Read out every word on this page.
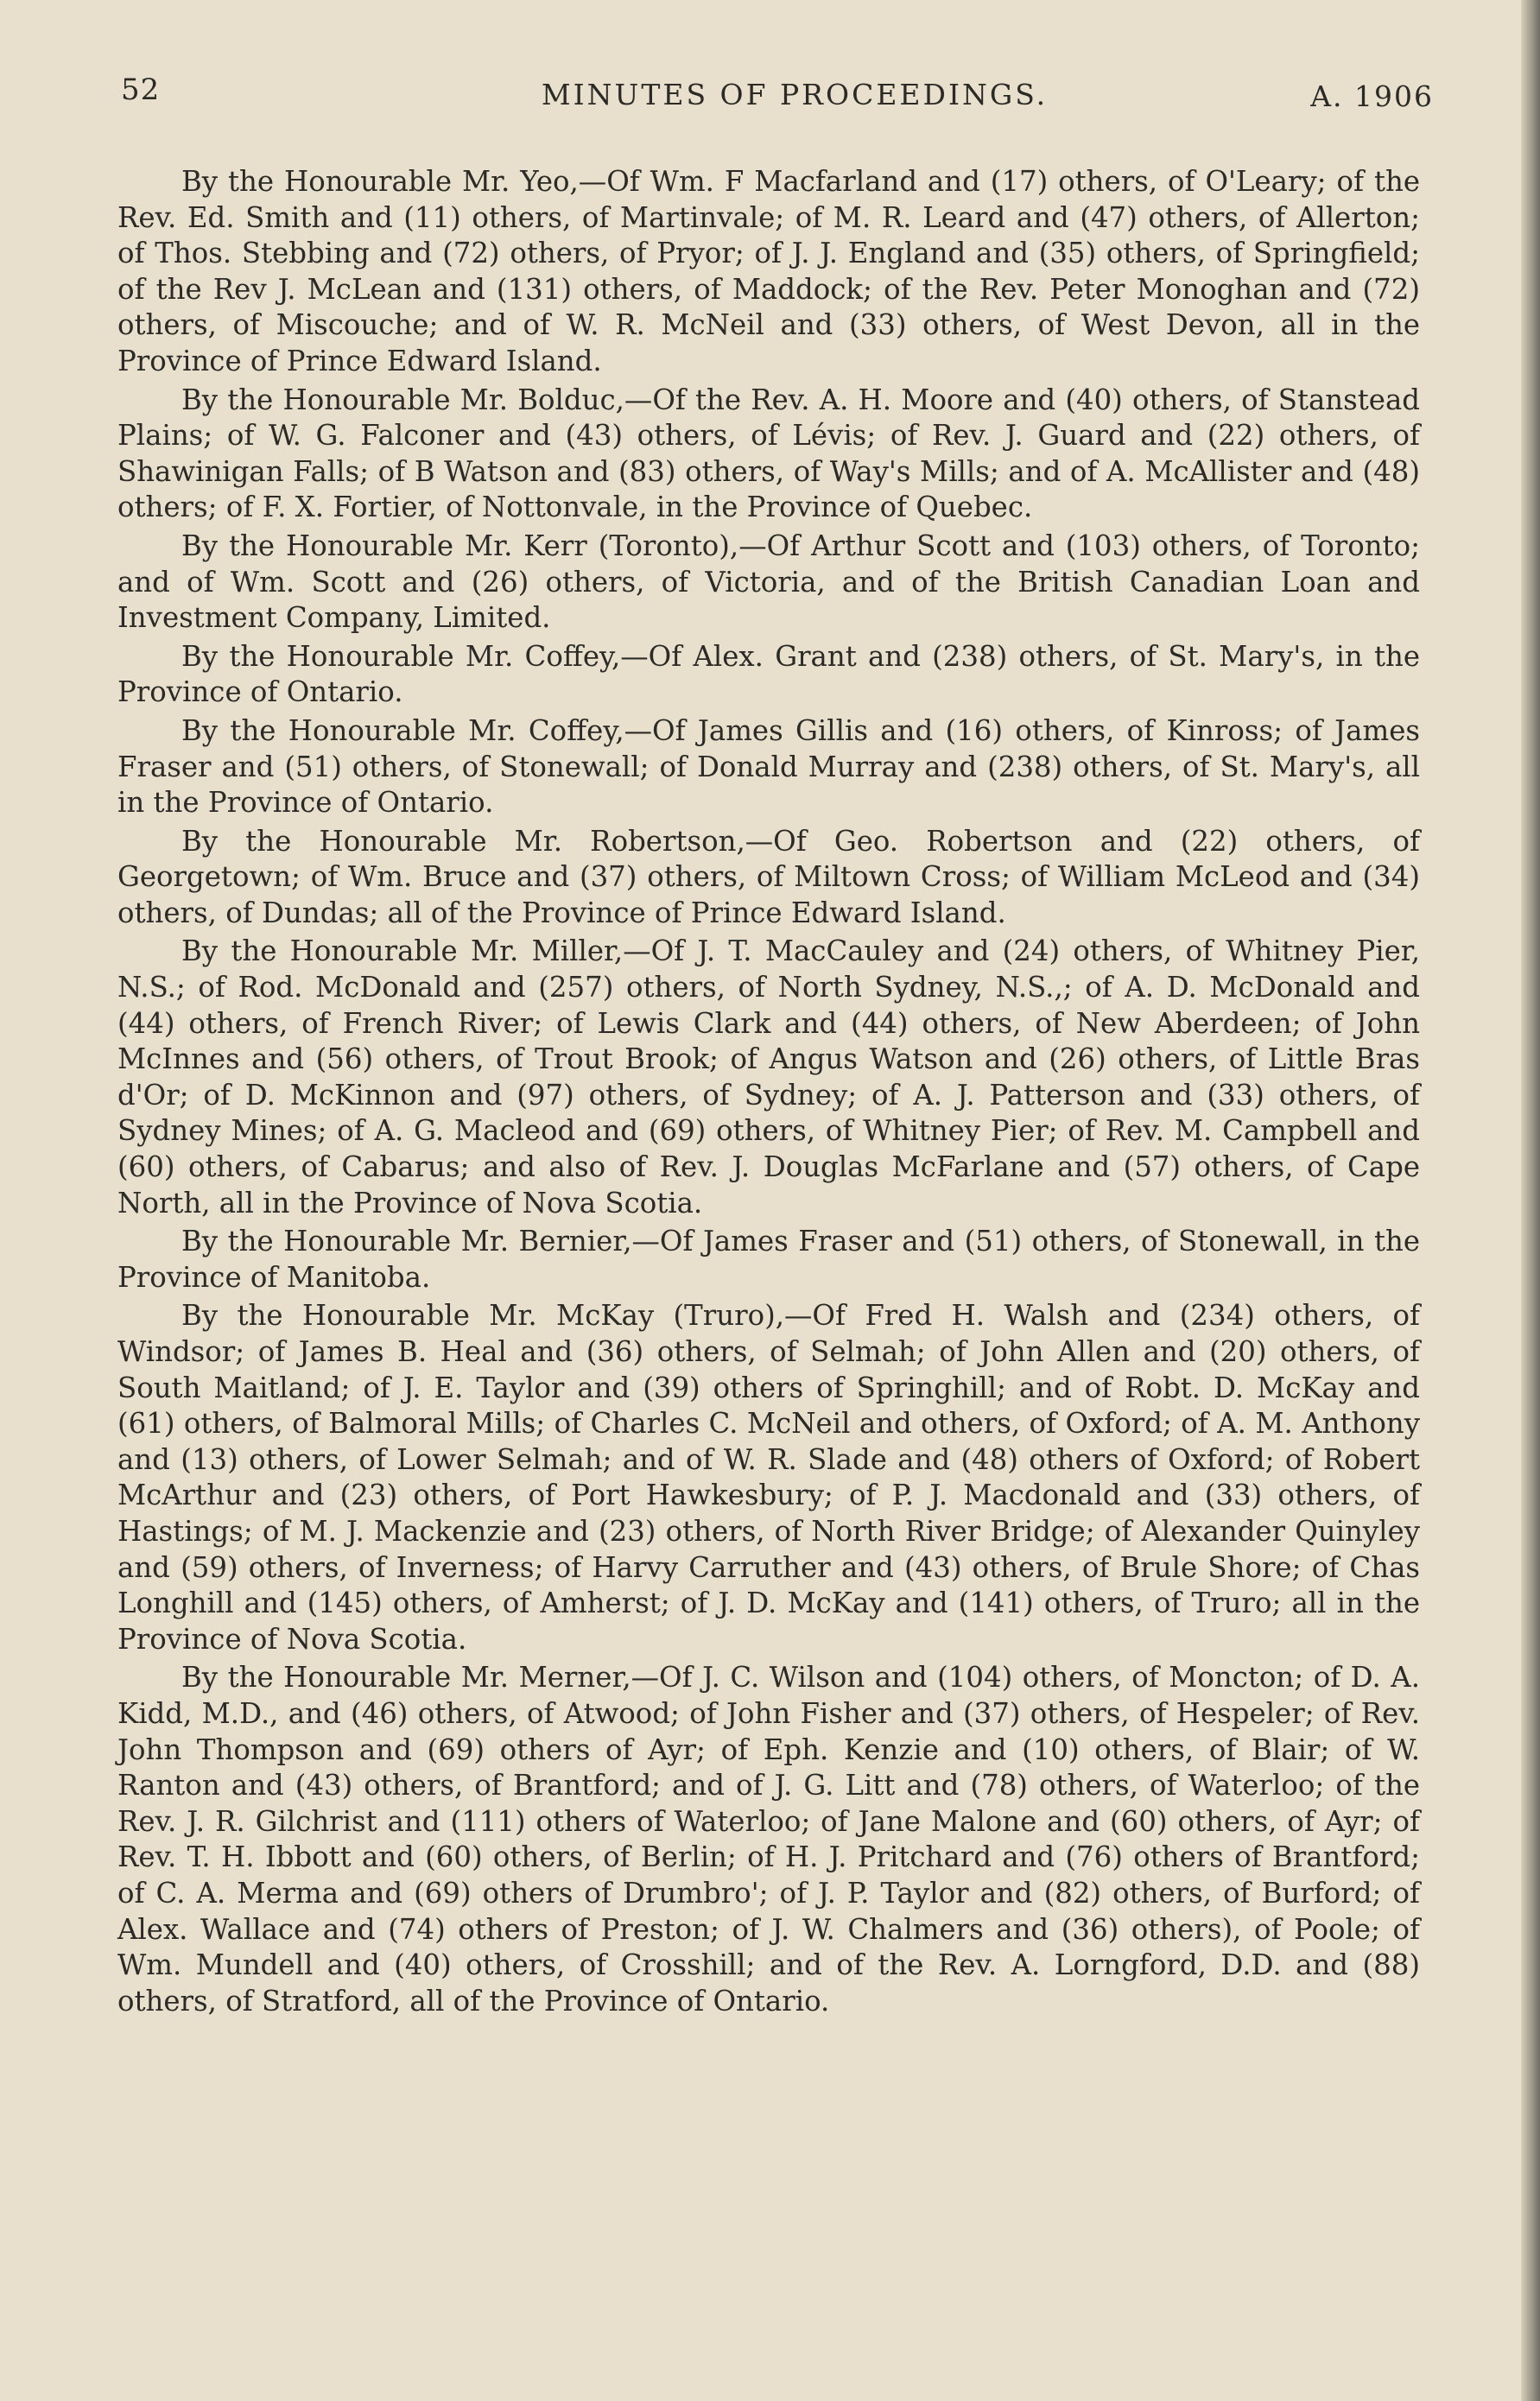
52	MINUTES OF PROCEEDINGS.	A. 1906

By the Honourable Mr. Yeo,—Of Wm. F Macfarland and (17) others, of O'Leary; of the Rev. Ed. Smith and (11) others, of Martinvale; of M. R. Leard and (47) others, of Allerton; of Thos. Stebbing and (72) others, of Pryor; of J. J. England and (35) others, of Springfield; of the Rev J. McLean and (131) others, of Maddock; of the Rev. Peter Monoghan and (72) others, of Miscouche; and of W. R. McNeil and (33) others, of West Devon, all in the Province of Prince Edward Island.

By the Honourable Mr. Bolduc,—Of the Rev. A. H. Moore and (40) others, of Stanstead Plains; of W. G. Falconer and (43) others, of Lévis; of Rev. J. Guard and (22) others, of Shawinigan Falls; of B Watson and (83) others, of Way's Mills; and of A. McAllister and (48) others; of F. X. Fortier, of Nottonvale, in the Province of Quebec.

By the Honourable Mr. Kerr (Toronto),—Of Arthur Scott and (103) others, of Toronto; and of Wm. Scott and (26) others, of Victoria, and of the British Canadian Loan and Investment Company, Limited.

By the Honourable Mr. Coffey,—Of Alex. Grant and (238) others, of St. Mary's, in the Province of Ontario.

By the Honourable Mr. Coffey,—Of James Gillis and (16) others, of Kinross; of James Fraser and (51) others, of Stonewall; of Donald Murray and (238) others, of St. Mary's, all in the Province of Ontario.

By the Honourable Mr. Robertson,—Of Geo. Robertson and (22) others, of Georgetown; of Wm. Bruce and (37) others, of Miltown Cross; of William McLeod and (34) others, of Dundas; all of the Province of Prince Edward Island.

By the Honourable Mr. Miller,—Of J. T. MacCauley and (24) others, of Whitney Pier, N.S.; of Rod. McDonald and (257) others, of North Sydney, N.S.,; of A. D. McDonald and (44) others, of French River; of Lewis Clark and (44) others, of New Aberdeen; of John McInnes and (56) others, of Trout Brook; of Angus Watson and (26) others, of Little Bras d'Or; of D. McKinnon and (97) others, of Sydney; of A. J. Patterson and (33) others, of Sydney Mines; of A. G. Macleod and (69) others, of Whitney Pier; of Rev. M. Campbell and (60) others, of Cabarus; and also of Rev. J. Douglas McFarlane and (57) others, of Cape North, all in the Province of Nova Scotia.

By the Honourable Mr. Bernier,—Of James Fraser and (51) others, of Stonewall, in the Province of Manitoba.

By the Honourable Mr. McKay (Truro),—Of Fred H. Walsh and (234) others, of Windsor; of James B. Heal and (36) others, of Selmah; of John Allen and (20) others, of South Maitland; of J. E. Taylor and (39) others of Springhill; and of Robt. D. McKay and (61) others, of Balmoral Mills; of Charles C. McNeil and others, of Oxford; of A. M. Anthony and (13) others, of Lower Selmah; and of W. R. Slade and (48) others of Oxford; of Robert McArthur and (23) others, of Port Hawkesbury; of P. J. Macdonald and (33) others, of Hastings; of M. J. Mackenzie and (23) others, of North River Bridge; of Alexander Quinyley and (59) others, of Inverness; of Harvy Carruther and (43) others, of Brule Shore; of Chas Longhill and (145) others, of Amherst; of J. D. McKay and (141) others, of Truro; all in the Province of Nova Scotia.

By the Honourable Mr. Merner,—Of J. C. Wilson and (104) others, of Moncton; of D. A. Kidd, M.D., and (46) others, of Atwood; of John Fisher and (37) others, of Hespeler; of Rev. John Thompson and (69) others of Ayr; of Eph. Kenzie and (10) others, of Blair; of W. Ranton and (43) others, of Brantford; and of J. G. Litt and (78) others, of Waterloo; of the Rev. J. R. Gilchrist and (111) others of Waterloo; of Jane Malone and (60) others, of Ayr; of Rev. T. H. Ibbott and (60) others, of Berlin; of H. J. Pritchard and (76) others of Brantford; of C. A. Merma and (69) others of Drumbro'; of J. P. Taylor and (82) others, of Burford; of Alex. Wallace and (74) others of Preston; of J. W. Chalmers and (36) others), of Poole; of Wm. Mundell and (40) others, of Crosshill; and of the Rev. A. Lorngford, D.D. and (88) others, of Stratford, all of the Province of Ontario.
